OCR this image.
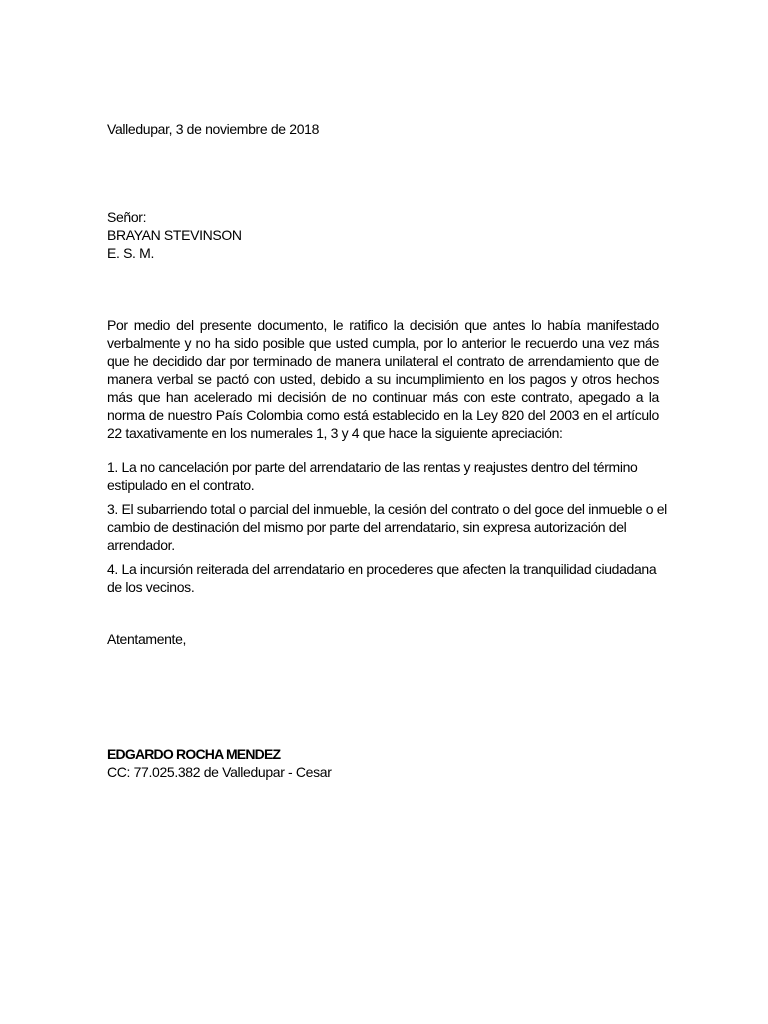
Valledupar, 3 de noviembre de 2018
Señor:
BRAYAN STEVINSON
E. S. M.
Por medio del presente documento, le ratifico la decisión que antes lo había manifestado verbalmente y no ha sido posible que usted cumpla, por lo anterior le recuerdo una vez más que he decidido dar por terminado de manera unilateral el contrato de arrendamiento que de manera verbal se pactó con usted, debido a su incumplimiento en los pagos y otros hechos más que han acelerado mi decisión de no continuar más con este contrato, apegado a la norma de nuestro País Colombia como está establecido en la Ley 820 del 2003 en el artículo 22 taxativamente en los numerales 1, 3 y 4 que hace la siguiente apreciación:
1. La no cancelación por parte del arrendatario de las rentas y reajustes dentro del término estipulado en el contrato.
3. El subarriendo total o parcial del inmueble, la cesión del contrato o del goce del inmueble o el cambio de destinación del mismo por parte del arrendatario, sin expresa autorización del arrendador.
4. La incursión reiterada del arrendatario en procederes que afecten la tranquilidad ciudadana de los vecinos.
Atentamente,
EDGARDO ROCHA MENDEZ
CC: 77.025.382 de Valledupar - Cesar
